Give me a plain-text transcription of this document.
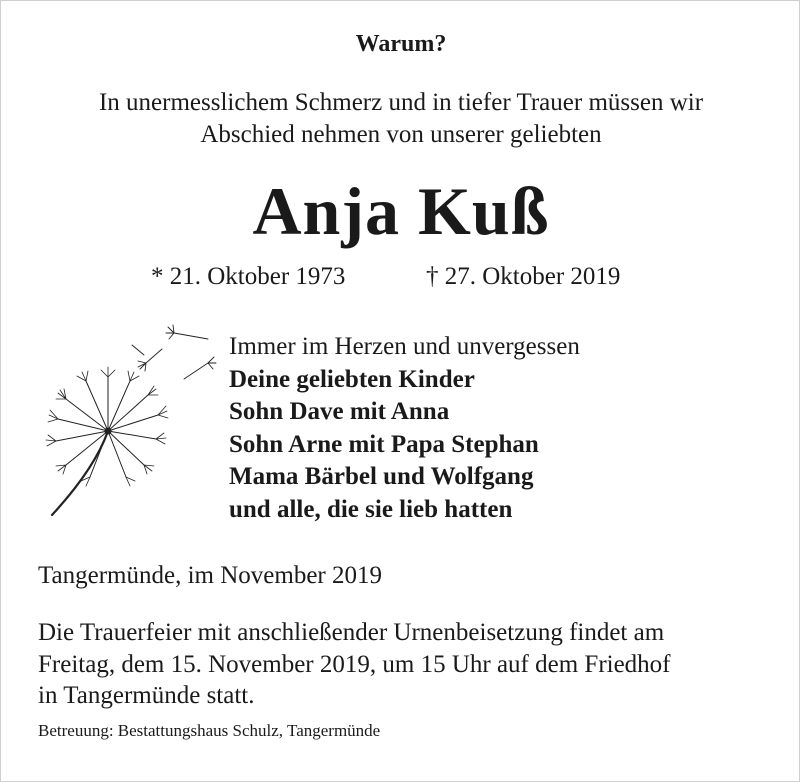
Warum?
In unermesslichem Schmerz und in tiefer Trauer müssen wir
Abschied nehmen von unserer geliebten
Anja Kuß
* 21. Oktober 1973	† 27. Oktober 2019
Immer im Herzen und unvergessen
Deine geliebten Kinder
Sohn Dave mit Anna
Sohn Arne mit Papa Stephan
Mama Bärbel und Wolfgang
und alle, die sie lieb hatten
Tangermünde, im November 2019
Die Trauerfeier mit anschließender Urnenbeisetzung findet am
Freitag, dem 15. November 2019, um 15 Uhr auf dem Friedhof
in Tangermünde statt.
Betreuung: Bestattungshaus Schulz, Tangermünde
